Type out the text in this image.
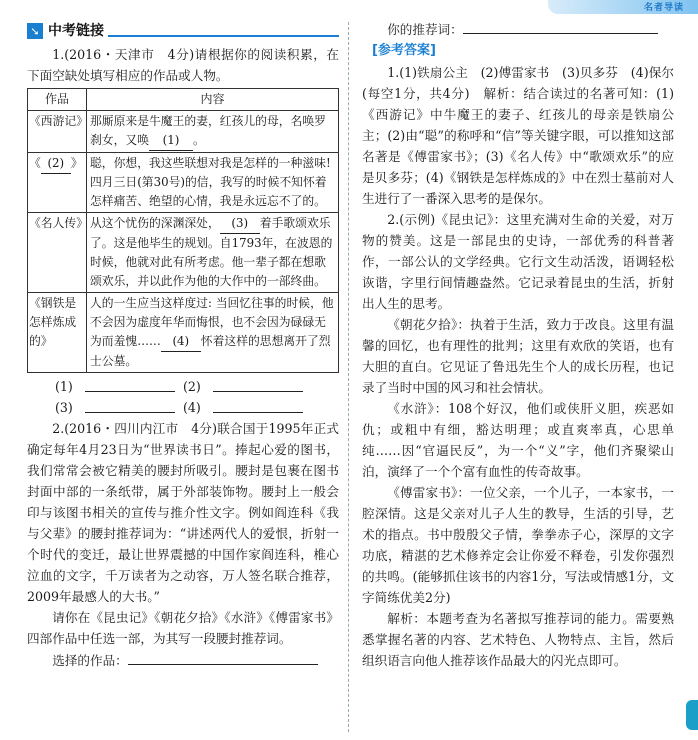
名者导读
➘ 中考链接

1.(2016・天津市　4分)请根据你的阅读积累，在下面空缺处填写相应的作品或人物。

作品	内容
《西游记》	那厮原来是牛魔王的妻，红孩儿的母，名唤罗刹女，又唤 (1) 。
《 (2) 》	聪，你想，我这些联想对我是怎样的一种滋味! 四月三日(第30号)的信，我写的时候不知怀着怎样痛苦、绝望的心情，我是永远忘不了的。
《名人传》	从这个忧伤的深渊深处， (3) 着手歌颂欢乐了。这是他毕生的规划。自1793年，在波恩的时候，他就对此有所考虑。他一辈子都在想歌颂欢乐，并以此作为他的大作中的一部终曲。
《钢铁是怎样炼成的》	人的一生应当这样度过: 当回忆往事的时候，他不会因为虚度年华而悔恨，也不会因为碌碌无为而羞愧…… (4) 怀着这样的思想离开了烈士公墓。
(1)	(2)
(3)	(4)

2.(2016・四川内江市　4分)联合国于1995年正式确定每年4月23日为“世界读书日”。捧起心爱的图书，我们常常会被它精美的腰封所吸引。腰封是包裹在图书封面中部的一条纸带，属于外部装饰物。腰封上一般会印与该图书相关的宣传与推介性文字。例如阎连科《我与父辈》的腰封推荐词为：“讲述两代人的爱恨，折射一个时代的变迁，最让世界震撼的中国作家阎连科，椎心泣血的文字，千万读者为之动容，万人签名联合推荐，2009年最感人的大书。”

请你在《昆虫记》《朝花夕拾》《水浒》《傅雷家书》四部作品中任选一部，为其写一段腰封推荐词。

选择的作品：

你的推荐词：

[参考答案]

1.(1)铁扇公主　(2)傅雷家书　(3)贝多芬　(4)保尔(每空1分，共4分)　解析：结合读过的名著可知：(1)《西游记》中牛魔王的妻子、红孩儿的母亲是铁扇公主；(2)由“聪”的称呼和“信”等关键字眼，可以推知这部名著是《傅雷家书》；(3)《名人传》中“歌颂欢乐”的应是贝多芬；(4)《钢铁是怎样炼成的》中在烈士墓前对人生进行了一番深入思考的是保尔。

2.(示例)《昆虫记》：这里充满对生命的关爱，对万物的赞美。这是一部昆虫的史诗，一部优秀的科普著作，一部公认的文学经典。它行文生动活泼，语调轻松诙谐，字里行间情趣盎然。它记录着昆虫的生活，折射出人生的思考。

《朝花夕拾》：执着于生活，致力于改良。这里有温馨的回忆，也有理性的批判；这里有欢欣的笑语，也有大胆的直白。它见证了鲁迅先生个人的成长历程，也记录了当时中国的风习和社会情状。

《水浒》：108个好汉，他们或侠肝义胆，疾恶如仇；或粗中有细，豁达明理；或直爽率真，心思单纯……因“官逼民反”，为一个“义”字，他们齐聚梁山泊，演绎了一个个富有血性的传奇故事。

《傅雷家书》：一位父亲，一个儿子，一本家书，一腔深情。这是父亲对儿子人生的教导，生活的引导，艺术的指点。书中殷殷父子情，拳拳赤子心，深厚的文字功底，精湛的艺术修养定会让你爱不释卷，引发你强烈的共鸣。(能够抓住该书的内容1分，写法或情感1分，文字简练优美2分)

解析：本题考查为名著拟写推荐词的能力。需要熟悉掌握名著的内容、艺术特色、人物特点、主旨，然后组织语言向他人推荐该作品最大的闪光点即可。
